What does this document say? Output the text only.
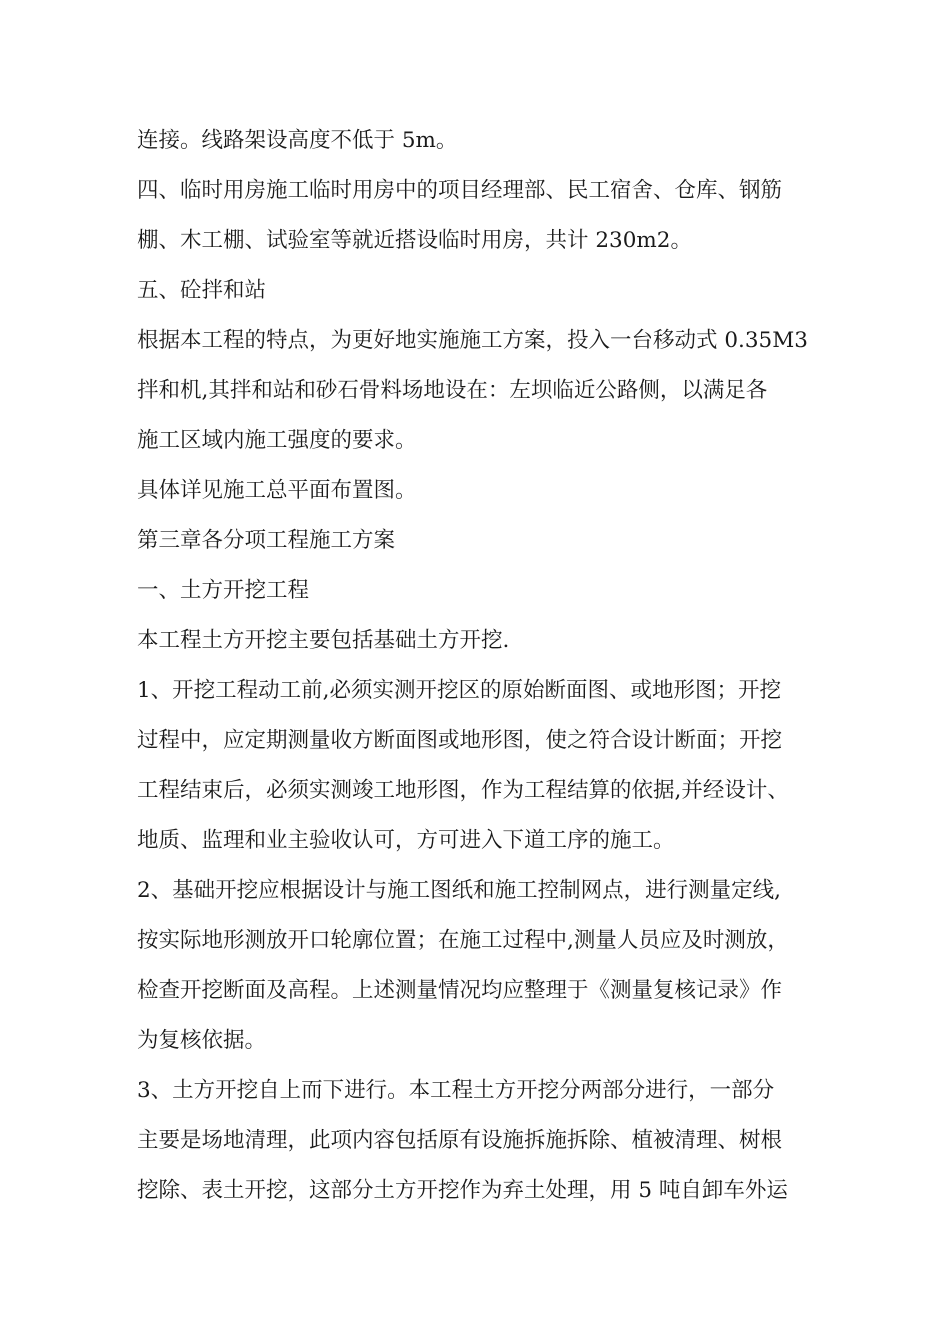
连接。线路架设高度不低于 5m。
四、临时用房施工临时用房中的项目经理部、民工宿舍、仓库、钢筋
棚、木工棚、试验室等就近搭设临时用房，共计 230m2。
五、砼拌和站
根据本工程的特点，为更好地实施施工方案，投入一台移动式 0.35M3
拌和机,其拌和站和砂石骨料场地设在：左坝临近公路侧，以满足各
施工区域内施工强度的要求。
具体详见施工总平面布置图。
第三章各分项工程施工方案
一、土方开挖工程
本工程土方开挖主要包括基础土方开挖.
1、开挖工程动工前,必须实测开挖区的原始断面图、或地形图；开挖
过程中，应定期测量收方断面图或地形图，使之符合设计断面；开挖
工程结束后，必须实测竣工地形图，作为工程结算的依据,并经设计、
地质、监理和业主验收认可，方可进入下道工序的施工。
2、基础开挖应根据设计与施工图纸和施工控制网点，进行测量定线,
按实际地形测放开口轮廓位置；在施工过程中,测量人员应及时测放，
检查开挖断面及高程。上述测量情况均应整理于《测量复核记录》作
为复核依据。
3、土方开挖自上而下进行。本工程土方开挖分两部分进行，一部分
主要是场地清理，此项内容包括原有设施拆施拆除、植被清理、树根
挖除、表土开挖，这部分土方开挖作为弃土处理，用 5 吨自卸车外运
